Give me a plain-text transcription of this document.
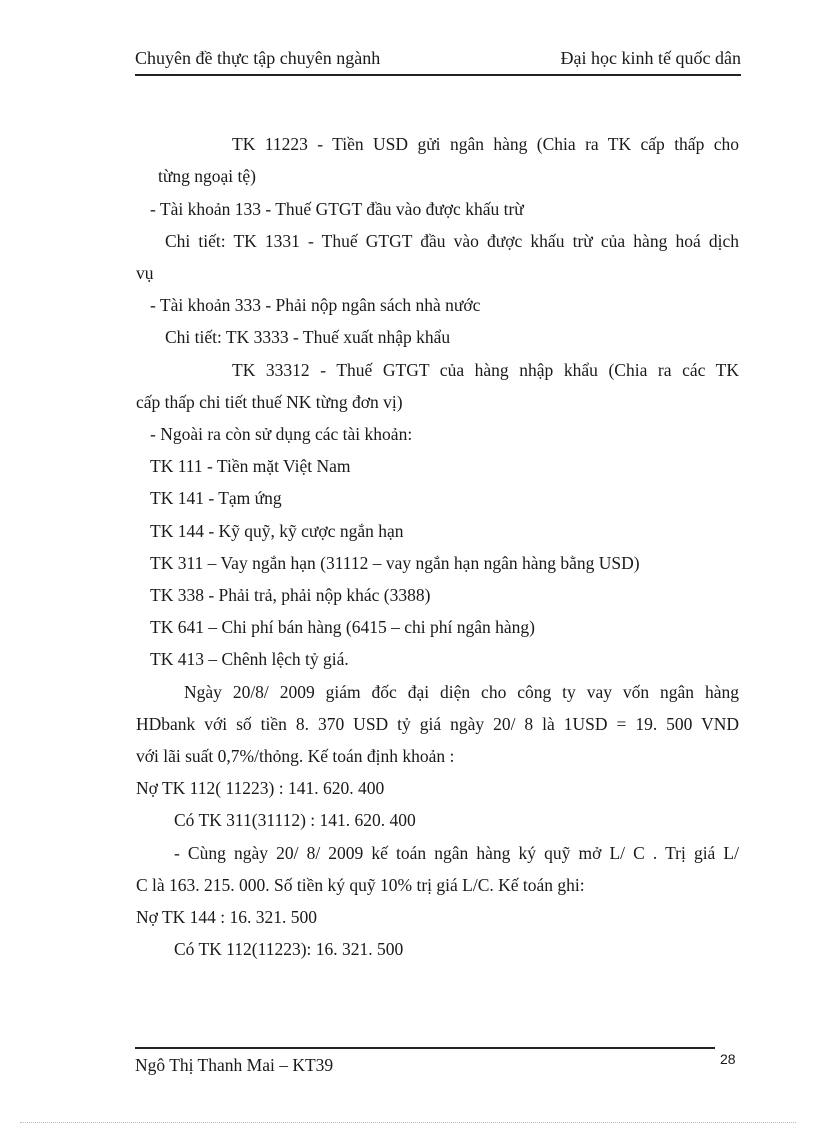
Chuyên đề thực tập chuyên ngành	Đại học kinh tế quốc dân
TK 11223 - Tiền USD gửi ngân hàng (Chia ra TK cấp thấp cho
từng ngoại tệ)
- Tài khoản 133 - Thuế GTGT đầu vào được khấu trừ
Chi tiết: TK 1331 - Thuế GTGT đầu vào được khấu trừ của hàng hoá dịch
vụ
- Tài khoản 333 - Phải nộp ngân sách nhà nước
Chi tiết: TK 3333 - Thuế xuất nhập khẩu
TK 33312 - Thuế GTGT của hàng nhập khẩu (Chia ra các TK
cấp thấp chi tiết thuế NK từng đơn vị)
- Ngoài ra còn sử dụng các tài khoản:
TK 111 - Tiền mặt Việt Nam
TK 141 - Tạm ứng
TK 144 - Kỹ quỹ, kỹ cược ngắn hạn
TK 311 – Vay ngắn hạn (31112 – vay ngắn hạn ngân hàng bằng USD)
TK 338 - Phải trả, phải nộp khác (3388)
TK 641 – Chi phí bán hàng (6415 – chi phí ngân hàng)
TK 413 – Chênh lệch tỷ giá.
Ngày 20/8/ 2009 giám đốc đại diện cho công ty vay vốn ngân hàng
HDbank với số tiền 8. 370 USD tỷ giá ngày 20/ 8 là 1USD = 19. 500 VND
với lãi suất 0,7%/thỏng. Kế toán định khoản :
Nợ TK 112( 11223) : 141. 620. 400
Có TK 311(31112) : 141. 620. 400
- Cùng ngày 20/ 8/ 2009 kế toán ngân hàng ký quỹ mở L/ C . Trị giá L/
C là 163. 215. 000. Số tiền ký quỹ 10% trị giá L/C. Kế toán ghi:
Nợ TK 144 : 16. 321. 500
Có TK 112(11223): 16. 321. 500
Ngô Thị Thanh Mai – KT39	28
